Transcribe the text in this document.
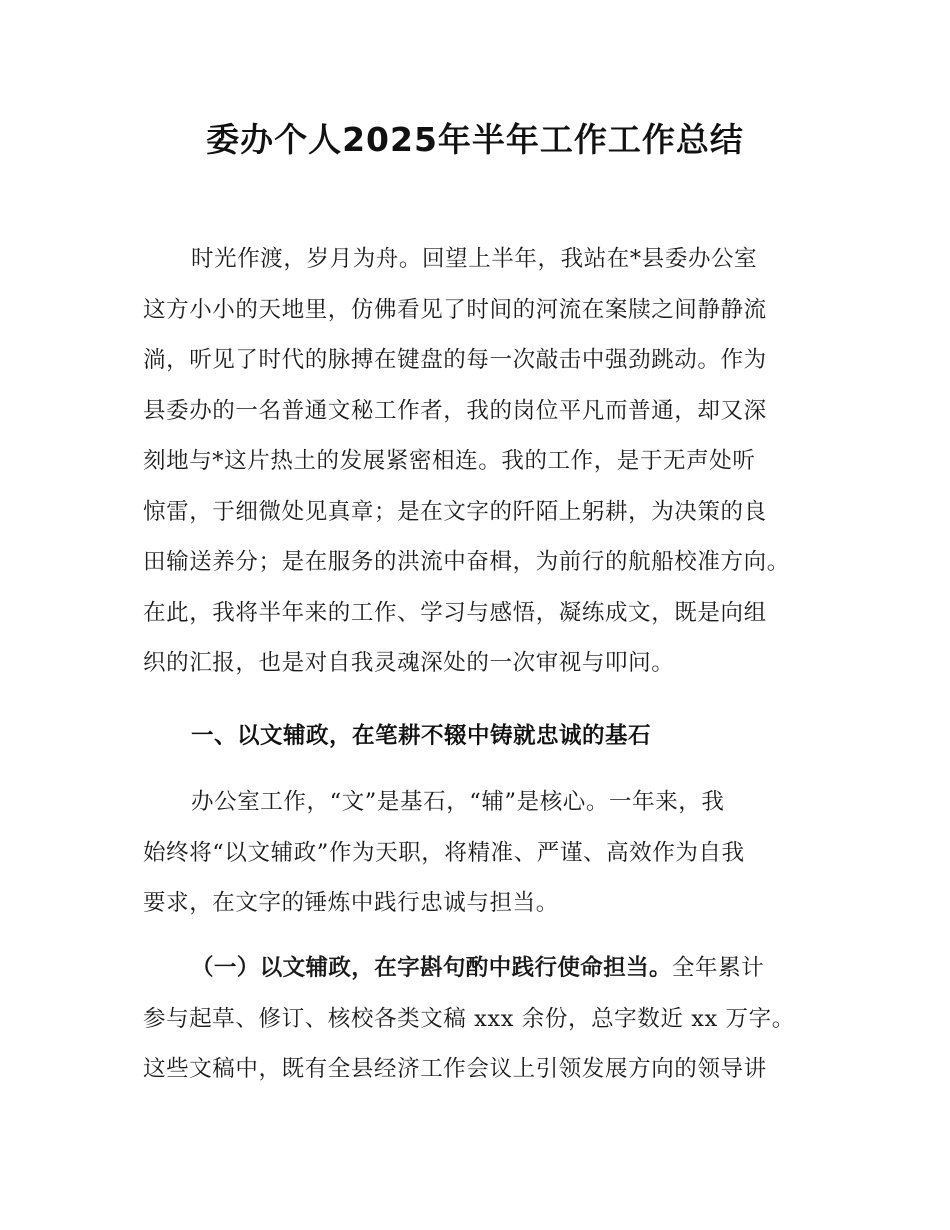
委办个人2025年半年工作工作总结
时光作渡，岁月为舟。回望上半年，我站在*县委办公室
这方小小的天地里，仿佛看见了时间的河流在案牍之间静静流
淌，听见了时代的脉搏在键盘的每一次敲击中强劲跳动。作为
县委办的一名普通文秘工作者，我的岗位平凡而普通，却又深
刻地与*这片热土的发展紧密相连。我的工作，是于无声处听
惊雷，于细微处见真章；是在文字的阡陌上躬耕，为决策的良
田输送养分；是在服务的洪流中奋楫，为前行的航船校准方向。
在此，我将半年来的工作、学习与感悟，凝练成文，既是向组
织的汇报，也是对自我灵魂深处的一次审视与叩问。
一、以文辅政，在笔耕不辍中铸就忠诚的基石
办公室工作，“文”是基石，“辅”是核心。一年来，我
始终将“以文辅政”作为天职，将精准、严谨、高效作为自我
要求，在文字的锤炼中践行忠诚与担当。
（一）以文辅政，在字斟句酌中践行使命担当。全年累计
参与起草、修订、核校各类文稿 xxx 余份，总字数近 xx 万字。
这些文稿中，既有全县经济工作会议上引领发展方向的领导讲
